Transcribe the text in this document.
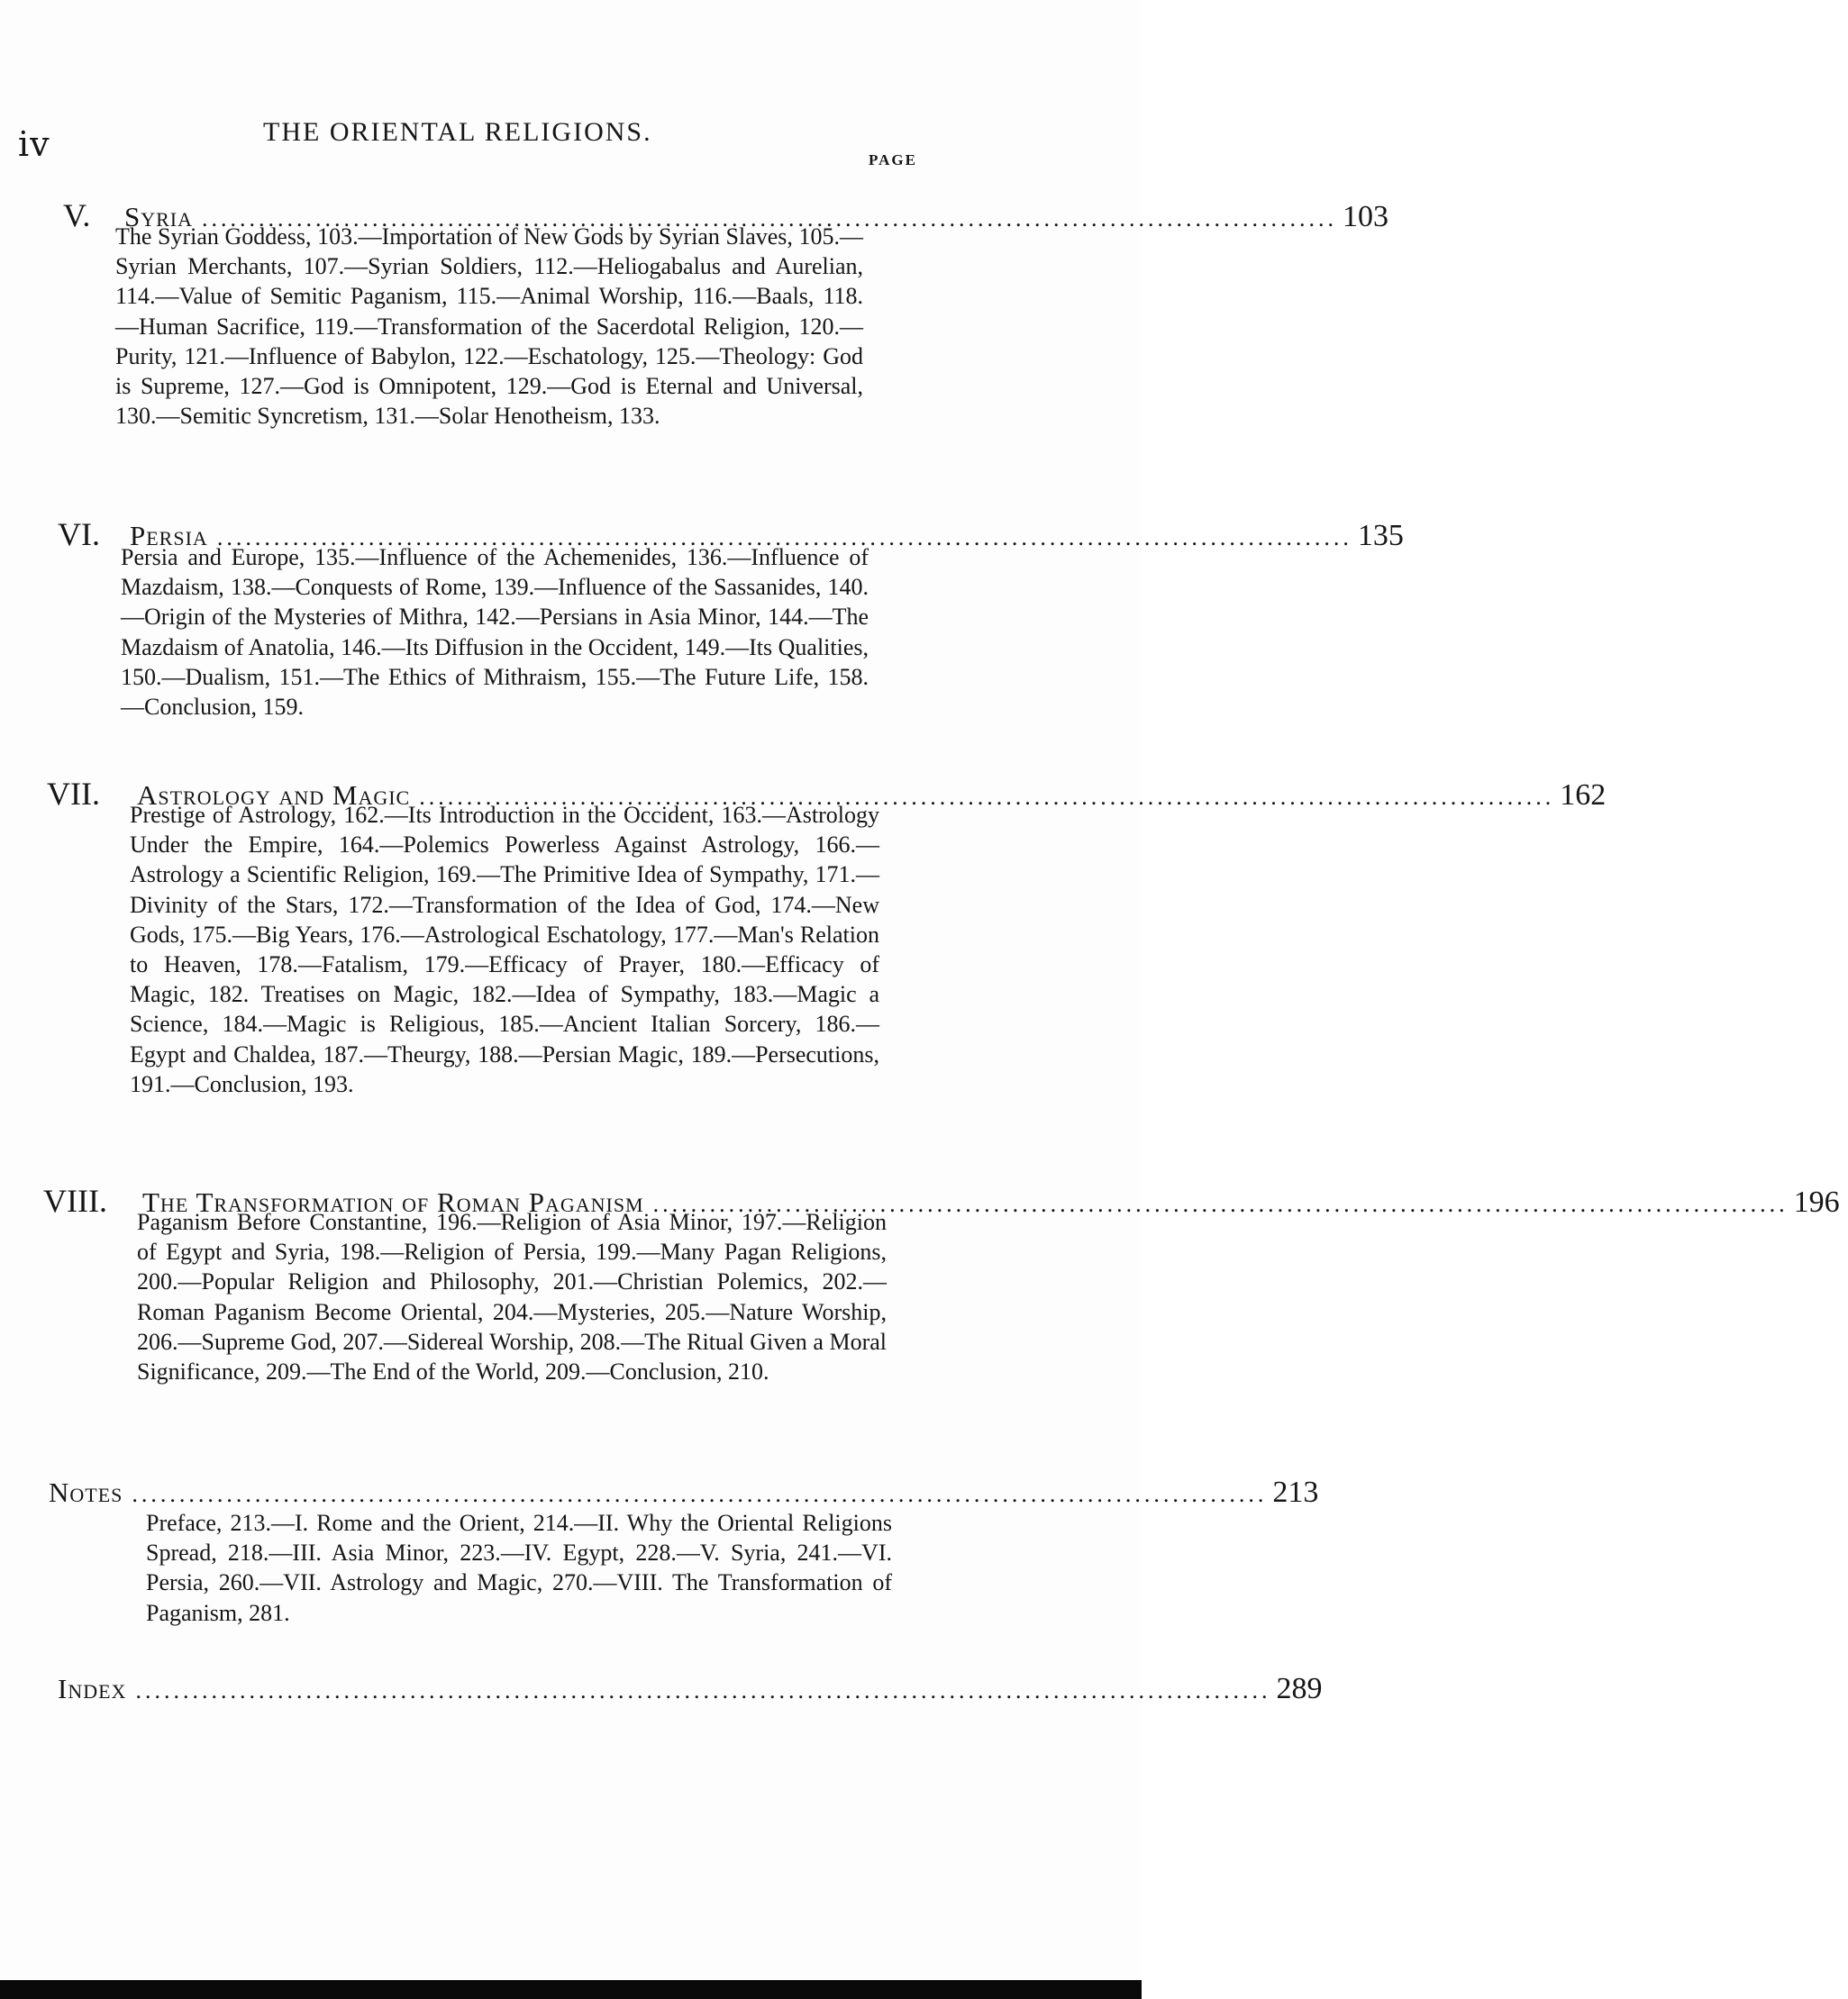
iv	THE ORIENTAL RELIGIONS.
PAGE
V.	Syria ........................................................................................................................ 103
The Syrian Goddess, 103.—Importation of New Gods by Syrian Slaves, 105.—Syrian Merchants, 107.—Syrian Soldiers, 112.—Heliogabalus and Aurelian, 114.—Value of Semitic Paganism, 115.—Animal Worship, 116.—Baals, 118.—Human Sacrifice, 119.—Transformation of the Sacerdotal Religion, 120.—Purity, 121.—Influence of Babylon, 122.—Eschatology, 125.—Theology: God is Supreme, 127.—God is Omnipotent, 129.—God is Eternal and Universal, 130.—Semitic Syncretism, 131.—Solar Henotheism, 133.
VI.	Persia ........................................................................................................................ 135
Persia and Europe, 135.—Influence of the Achemenides, 136.—Influence of Mazdaism, 138.—Conquests of Rome, 139.—Influence of the Sassanides, 140.—Origin of the Mysteries of Mithra, 142.—Persians in Asia Minor, 144.—The Mazdaism of Anatolia, 146.—Its Diffusion in the Occident, 149.—Its Qualities, 150.—Dualism, 151.—The Ethics of Mithraism, 155.—The Future Life, 158.—Conclusion, 159.
VII.	Astrology and Magic ........................................................................................................................ 162
Prestige of Astrology, 162.—Its Introduction in the Occident, 163.—Astrology Under the Empire, 164.—Polemics Powerless Against Astrology, 166.—Astrology a Scientific Religion, 169.—The Primitive Idea of Sympathy, 171.—Divinity of the Stars, 172.—Transformation of the Idea of God, 174.—New Gods, 175.—Big Years, 176.—Astrological Eschatology, 177.—Man's Relation to Heaven, 178.—Fatalism, 179.—Efficacy of Prayer, 180.—Efficacy of Magic, 182. Treatises on Magic, 182.—Idea of Sympathy, 183.—Magic a Science, 184.—Magic is Religious, 185.—Ancient Italian Sorcery, 186.—Egypt and Chaldea, 187.—Theurgy, 188.—Persian Magic, 189.—Persecutions, 191.—Conclusion, 193.
VIII.	The Transformation of Roman Paganism ........................................................................................................................ 196
Paganism Before Constantine, 196.—Religion of Asia Minor, 197.—Religion of Egypt and Syria, 198.—Religion of Persia, 199.—Many Pagan Religions, 200.—Popular Religion and Philosophy, 201.—Christian Polemics, 202.—Roman Paganism Become Oriental, 204.—Mysteries, 205.—Nature Worship, 206.—Supreme God, 207.—Sidereal Worship, 208.—The Ritual Given a Moral Significance, 209.—The End of the World, 209.—Conclusion, 210.
Notes ........................................................................................................................ 213
Preface, 213.—I. Rome and the Orient, 214.—II. Why the Oriental Religions Spread, 218.—III. Asia Minor, 223.—IV. Egypt, 228.—V. Syria, 241.—VI. Persia, 260.—VII. Astrology and Magic, 270.—VIII. The Transformation of Paganism, 281.
Index ........................................................................................................................ 289
